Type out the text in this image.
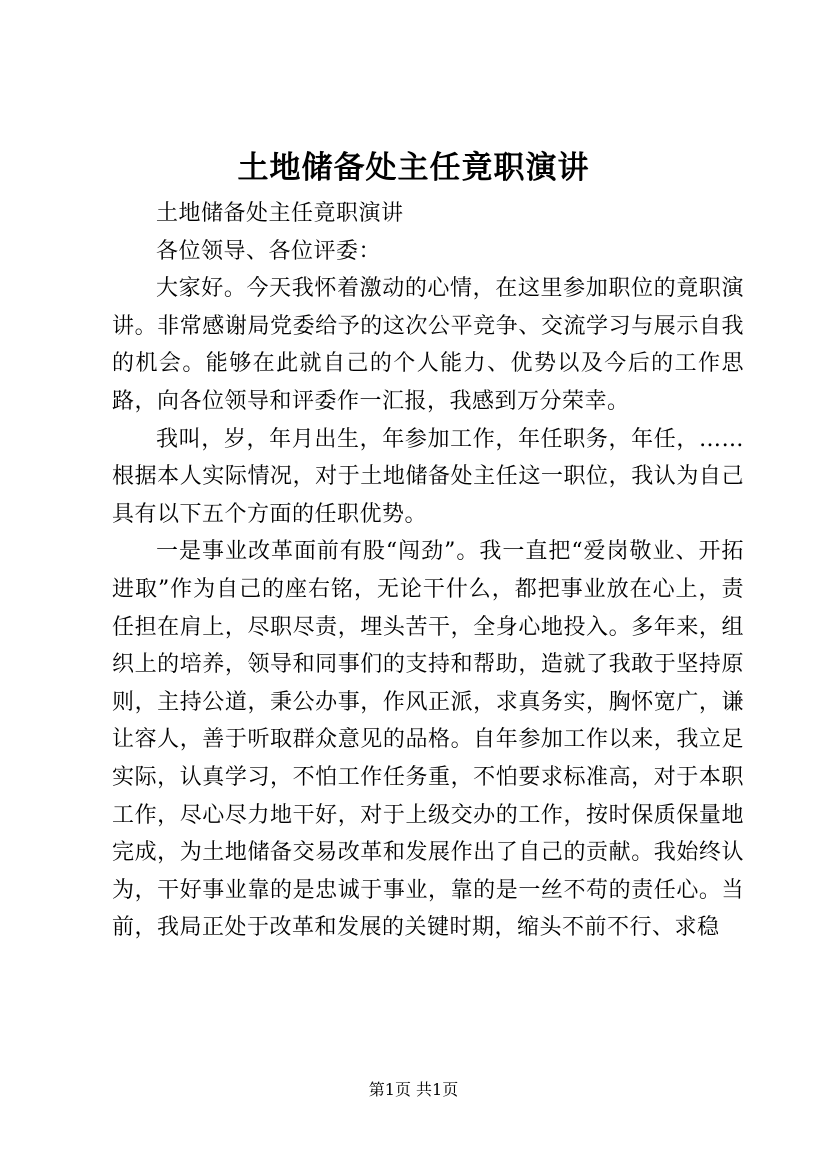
土地储备处主任竟职演讲

土地储备处主任竟职演讲

各位领导、各位评委：

大家好。今天我怀着激动的心情，在这里参加职位的竟职演讲。非常感谢局党委给予的这次公平竞争、交流学习与展示自我的机会。能够在此就自己的个人能力、优势以及今后的工作思路，向各位领导和评委作一汇报，我感到万分荣幸。

我叫，岁，年月出生，年参加工作，年任职务，年任，……根据本人实际情况，对于土地储备处主任这一职位，我认为自己具有以下五个方面的任职优势。

一是事业改革面前有股“闯劲”。我一直把“爱岗敬业、开拓进取”作为自己的座右铭，无论干什么，都把事业放在心上，责任担在肩上，尽职尽责，埋头苦干，全身心地投入。多年来，组织上的培养，领导和同事们的支持和帮助，造就了我敢于坚持原则，主持公道，秉公办事，作风正派，求真务实，胸怀宽广，谦让容人，善于听取群众意见的品格。自年参加工作以来，我立足实际，认真学习，不怕工作任务重，不怕要求标准高，对于本职工作，尽心尽力地干好，对于上级交办的工作，按时保质保量地完成，为土地储备交易改革和发展作出了自己的贡献。我始终认为，干好事业靠的是忠诚于事业，靠的是一丝不苟的责任心。当前，我局正处于改革和发展的关键时期，缩头不前不行、求稳

第1页 共1页
